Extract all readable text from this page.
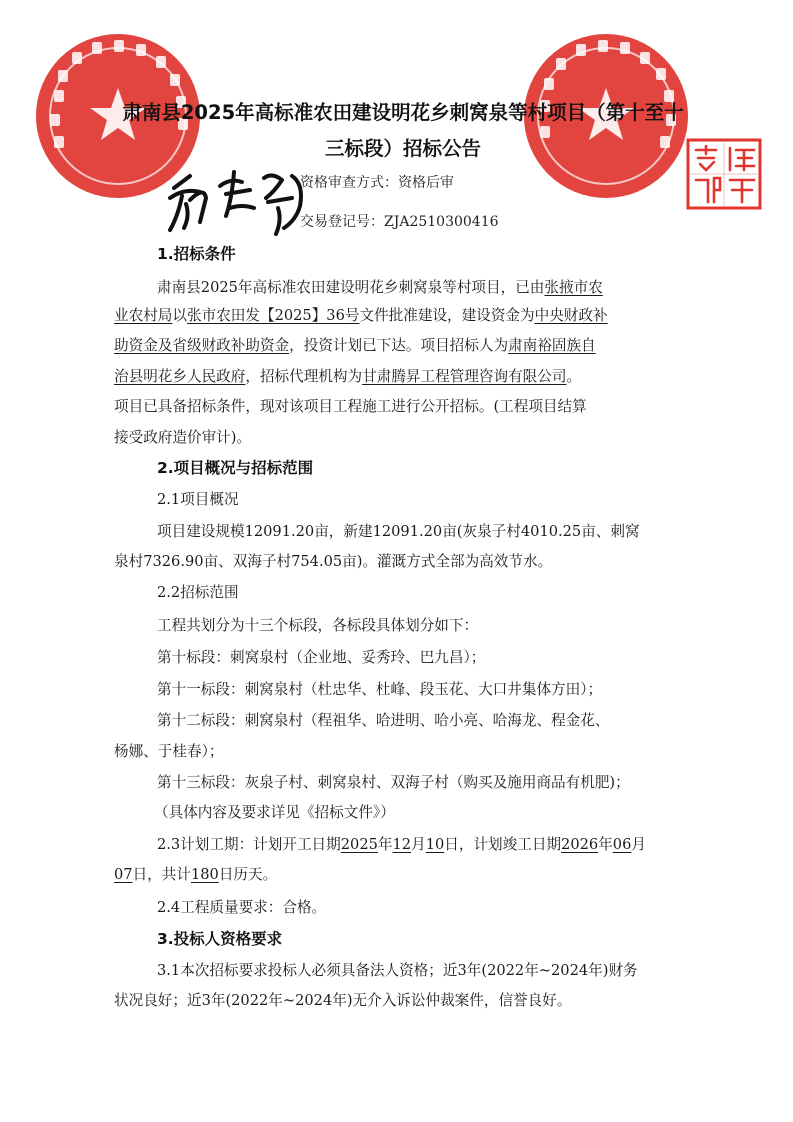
肃南县2025年高标准农田建设明花乡刺窝泉等村项目（第十至十
三标段）招标公告
资格审查方式：资格后审
交易登记号：ZJA2510300416
1.招标条件
肃南县2025年高标准农田建设明花乡刺窝泉等村项目，已由张掖市农
业农村局以张市农田发【2025】36号文件批准建设，建设资金为中央财政补
助资金及省级财政补助资金，投资计划已下达。项目招标人为肃南裕固族自
治县明花乡人民政府，招标代理机构为甘肃腾昇工程管理咨询有限公司。
项目已具备招标条件，现对该项目工程施工进行公开招标。(工程项目结算
接受政府造价审计)。
2.项目概况与招标范围
2.1项目概况
项目建设规模12091.20亩，新建12091.20亩(灰泉子村4010.25亩、刺窝
泉村7326.90亩、双海子村754.05亩)。灌溉方式全部为高效节水。
2.2招标范围
工程共划分为十三个标段，各标段具体划分如下：
第十标段：刺窝泉村（企业地、妥秀玲、巴九昌）；
第十一标段：刺窝泉村（杜忠华、杜峰、段玉花、大口井集体方田）；
第十二标段：刺窝泉村（程祖华、哈进明、哈小亮、哈海龙、程金花、
杨娜、于桂春）；
第十三标段：灰泉子村、刺窝泉村、双海子村（购买及施用商品有机肥)；
（具体内容及要求详见《招标文件》）
2.3计划工期：计划开工日期2025年12月10日，计划竣工日期2026年06月
07日，共计180日历天。
2.4工程质量要求：合格。
3.投标人资格要求
3.1本次招标要求投标人必须具备法人资格；近3年(2022年~2024年)财务
状况良好；近3年(2022年~2024年)无介入诉讼仲裁案件，信誉良好。
